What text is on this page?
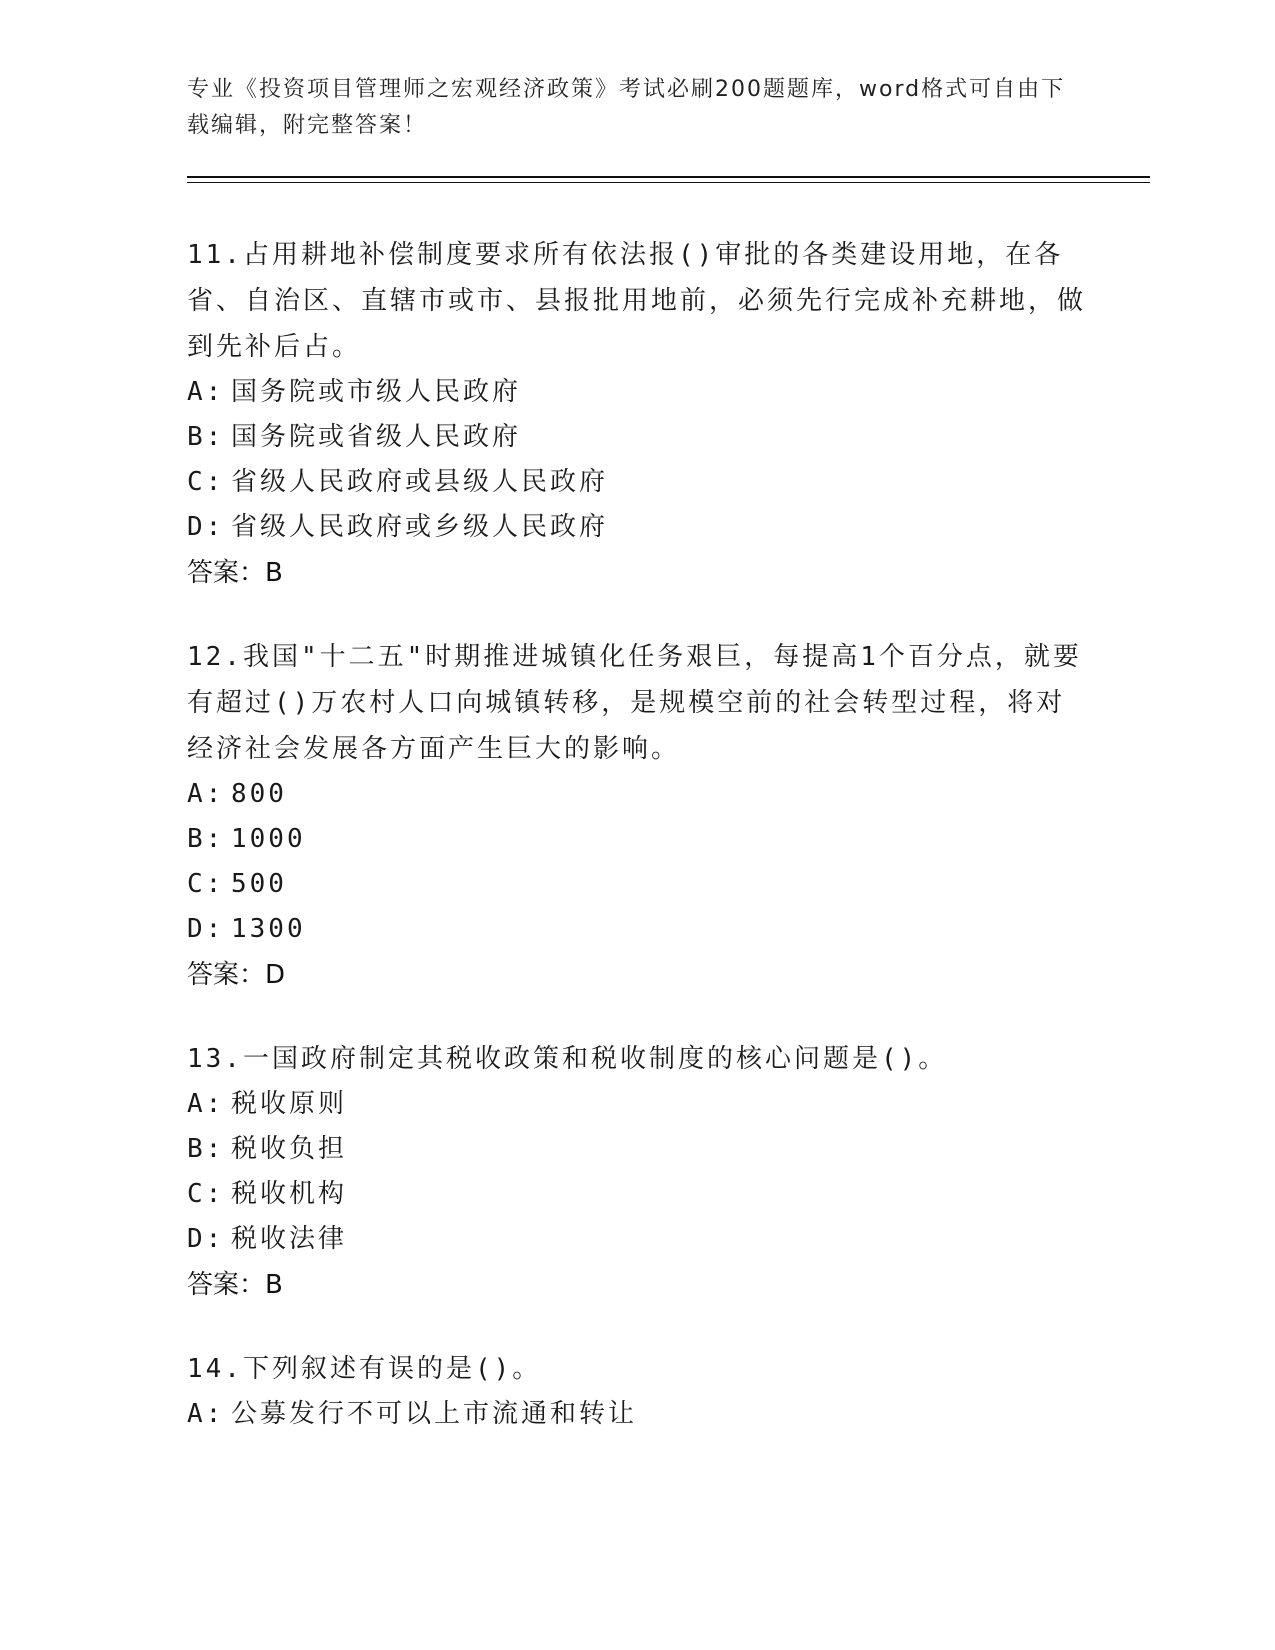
专业《投资项目管理师之宏观经济政策》考试必刷200题题库，word格式可自由下载编辑，附完整答案！
11.占用耕地补偿制度要求所有依法报()审批的各类建设用地，在各省、自治区、直辖市或市、县报批用地前，必须先行完成补充耕地，做到先补后占。
A: 国务院或市级人民政府
B: 国务院或省级人民政府
C: 省级人民政府或县级人民政府
D: 省级人民政府或乡级人民政府
答案：B
12.我国"十二五"时期推进城镇化任务艰巨，每提高1个百分点，就要有超过()万农村人口向城镇转移，是规模空前的社会转型过程，将对经济社会发展各方面产生巨大的影响。
A: 800
B: 1000
C: 500
D: 1300
答案：D
13.一国政府制定其税收政策和税收制度的核心问题是()。
A: 税收原则
B: 税收负担
C: 税收机构
D: 税收法律
答案：B
14.下列叙述有误的是()。
A: 公募发行不可以上市流通和转让
